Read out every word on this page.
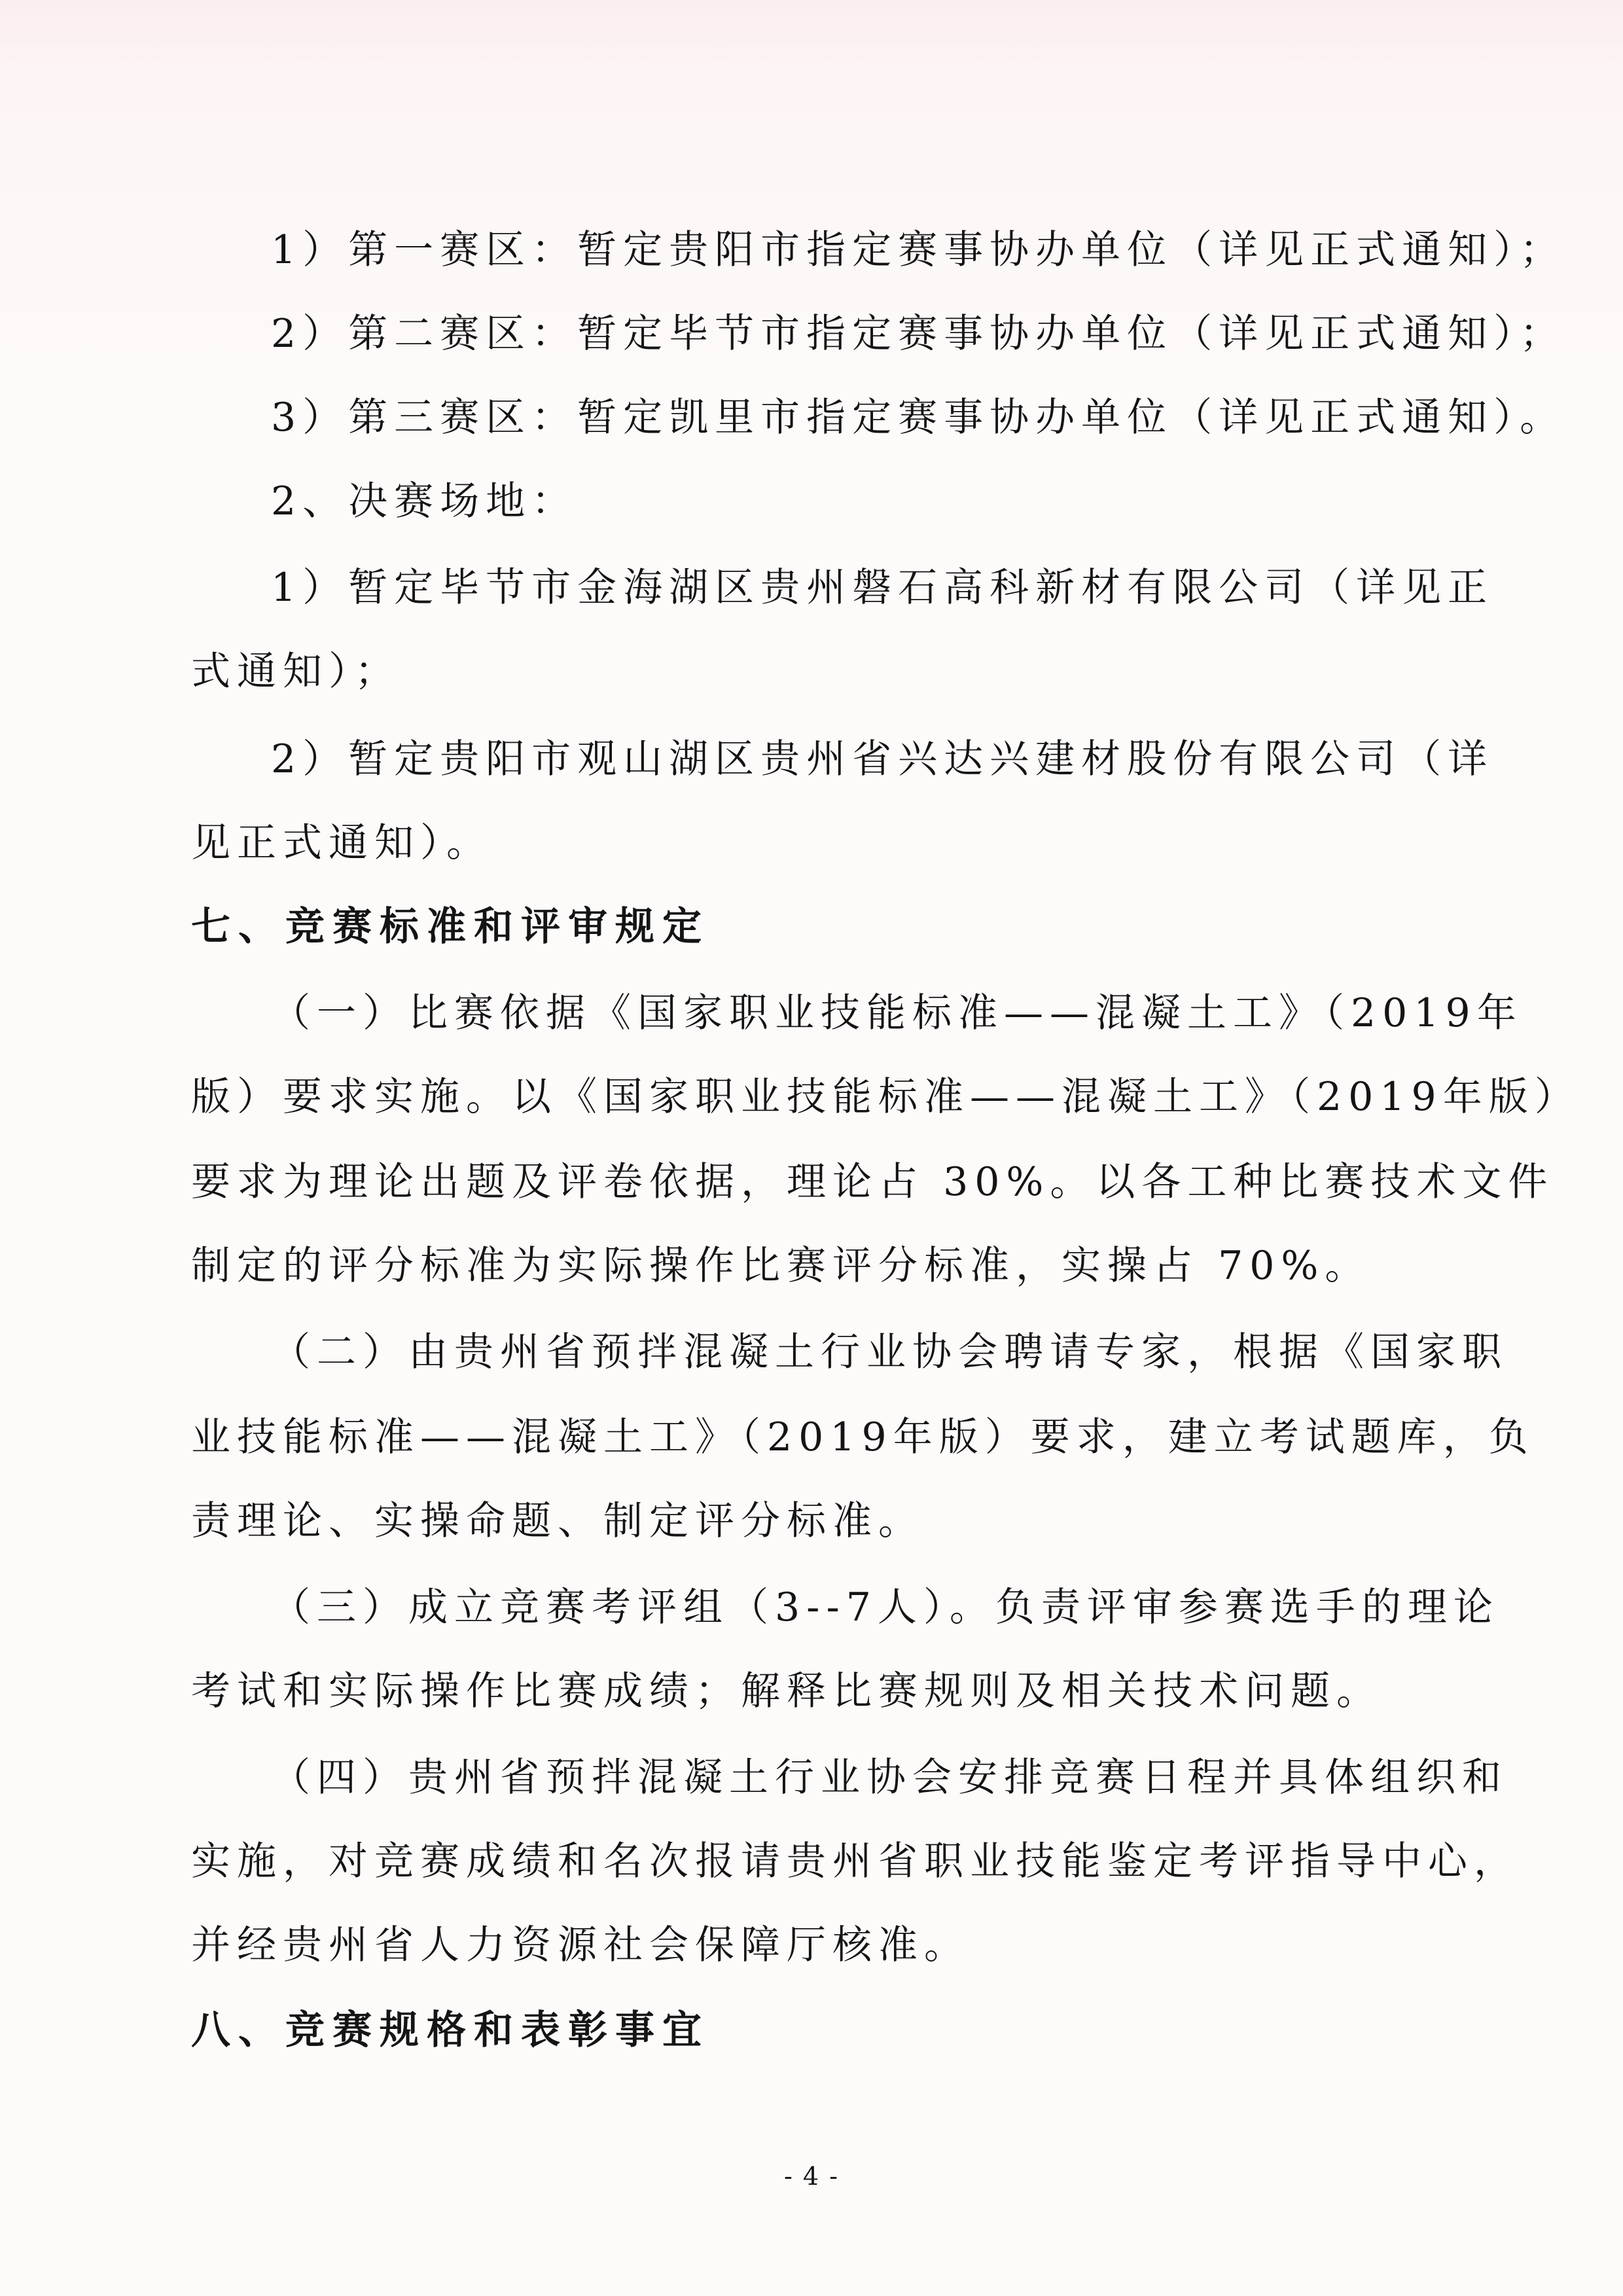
1）第一赛区：暂定贵阳市指定赛事协办单位（详见正式通知）；
2）第二赛区：暂定毕节市指定赛事协办单位（详见正式通知）；
3）第三赛区：暂定凯里市指定赛事协办单位（详见正式通知）。
2、决赛场地：
1）暂定毕节市金海湖区贵州磐石高科新材有限公司（详见正
式通知）；
2）暂定贵阳市观山湖区贵州省兴达兴建材股份有限公司（详
见正式通知）。
七、竞赛标准和评审规定
（一）比赛依据《国家职业技能标准——混凝土工》（2019年
版）要求实施。以《国家职业技能标准——混凝土工》（2019年版）
要求为理论出题及评卷依据，理论占 30%。以各工种比赛技术文件
制定的评分标准为实际操作比赛评分标准，实操占 70%。
（二）由贵州省预拌混凝土行业协会聘请专家，根据《国家职
业技能标准——混凝土工》（2019年版）要求，建立考试题库，负
责理论、实操命题、制定评分标准。
（三）成立竞赛考评组（3--7人）。负责评审参赛选手的理论
考试和实际操作比赛成绩；解释比赛规则及相关技术问题。
（四）贵州省预拌混凝土行业协会安排竞赛日程并具体组织和
实施，对竞赛成绩和名次报请贵州省职业技能鉴定考评指导中心，
并经贵州省人力资源社会保障厅核准。
八、竞赛规格和表彰事宜
- 4 -
